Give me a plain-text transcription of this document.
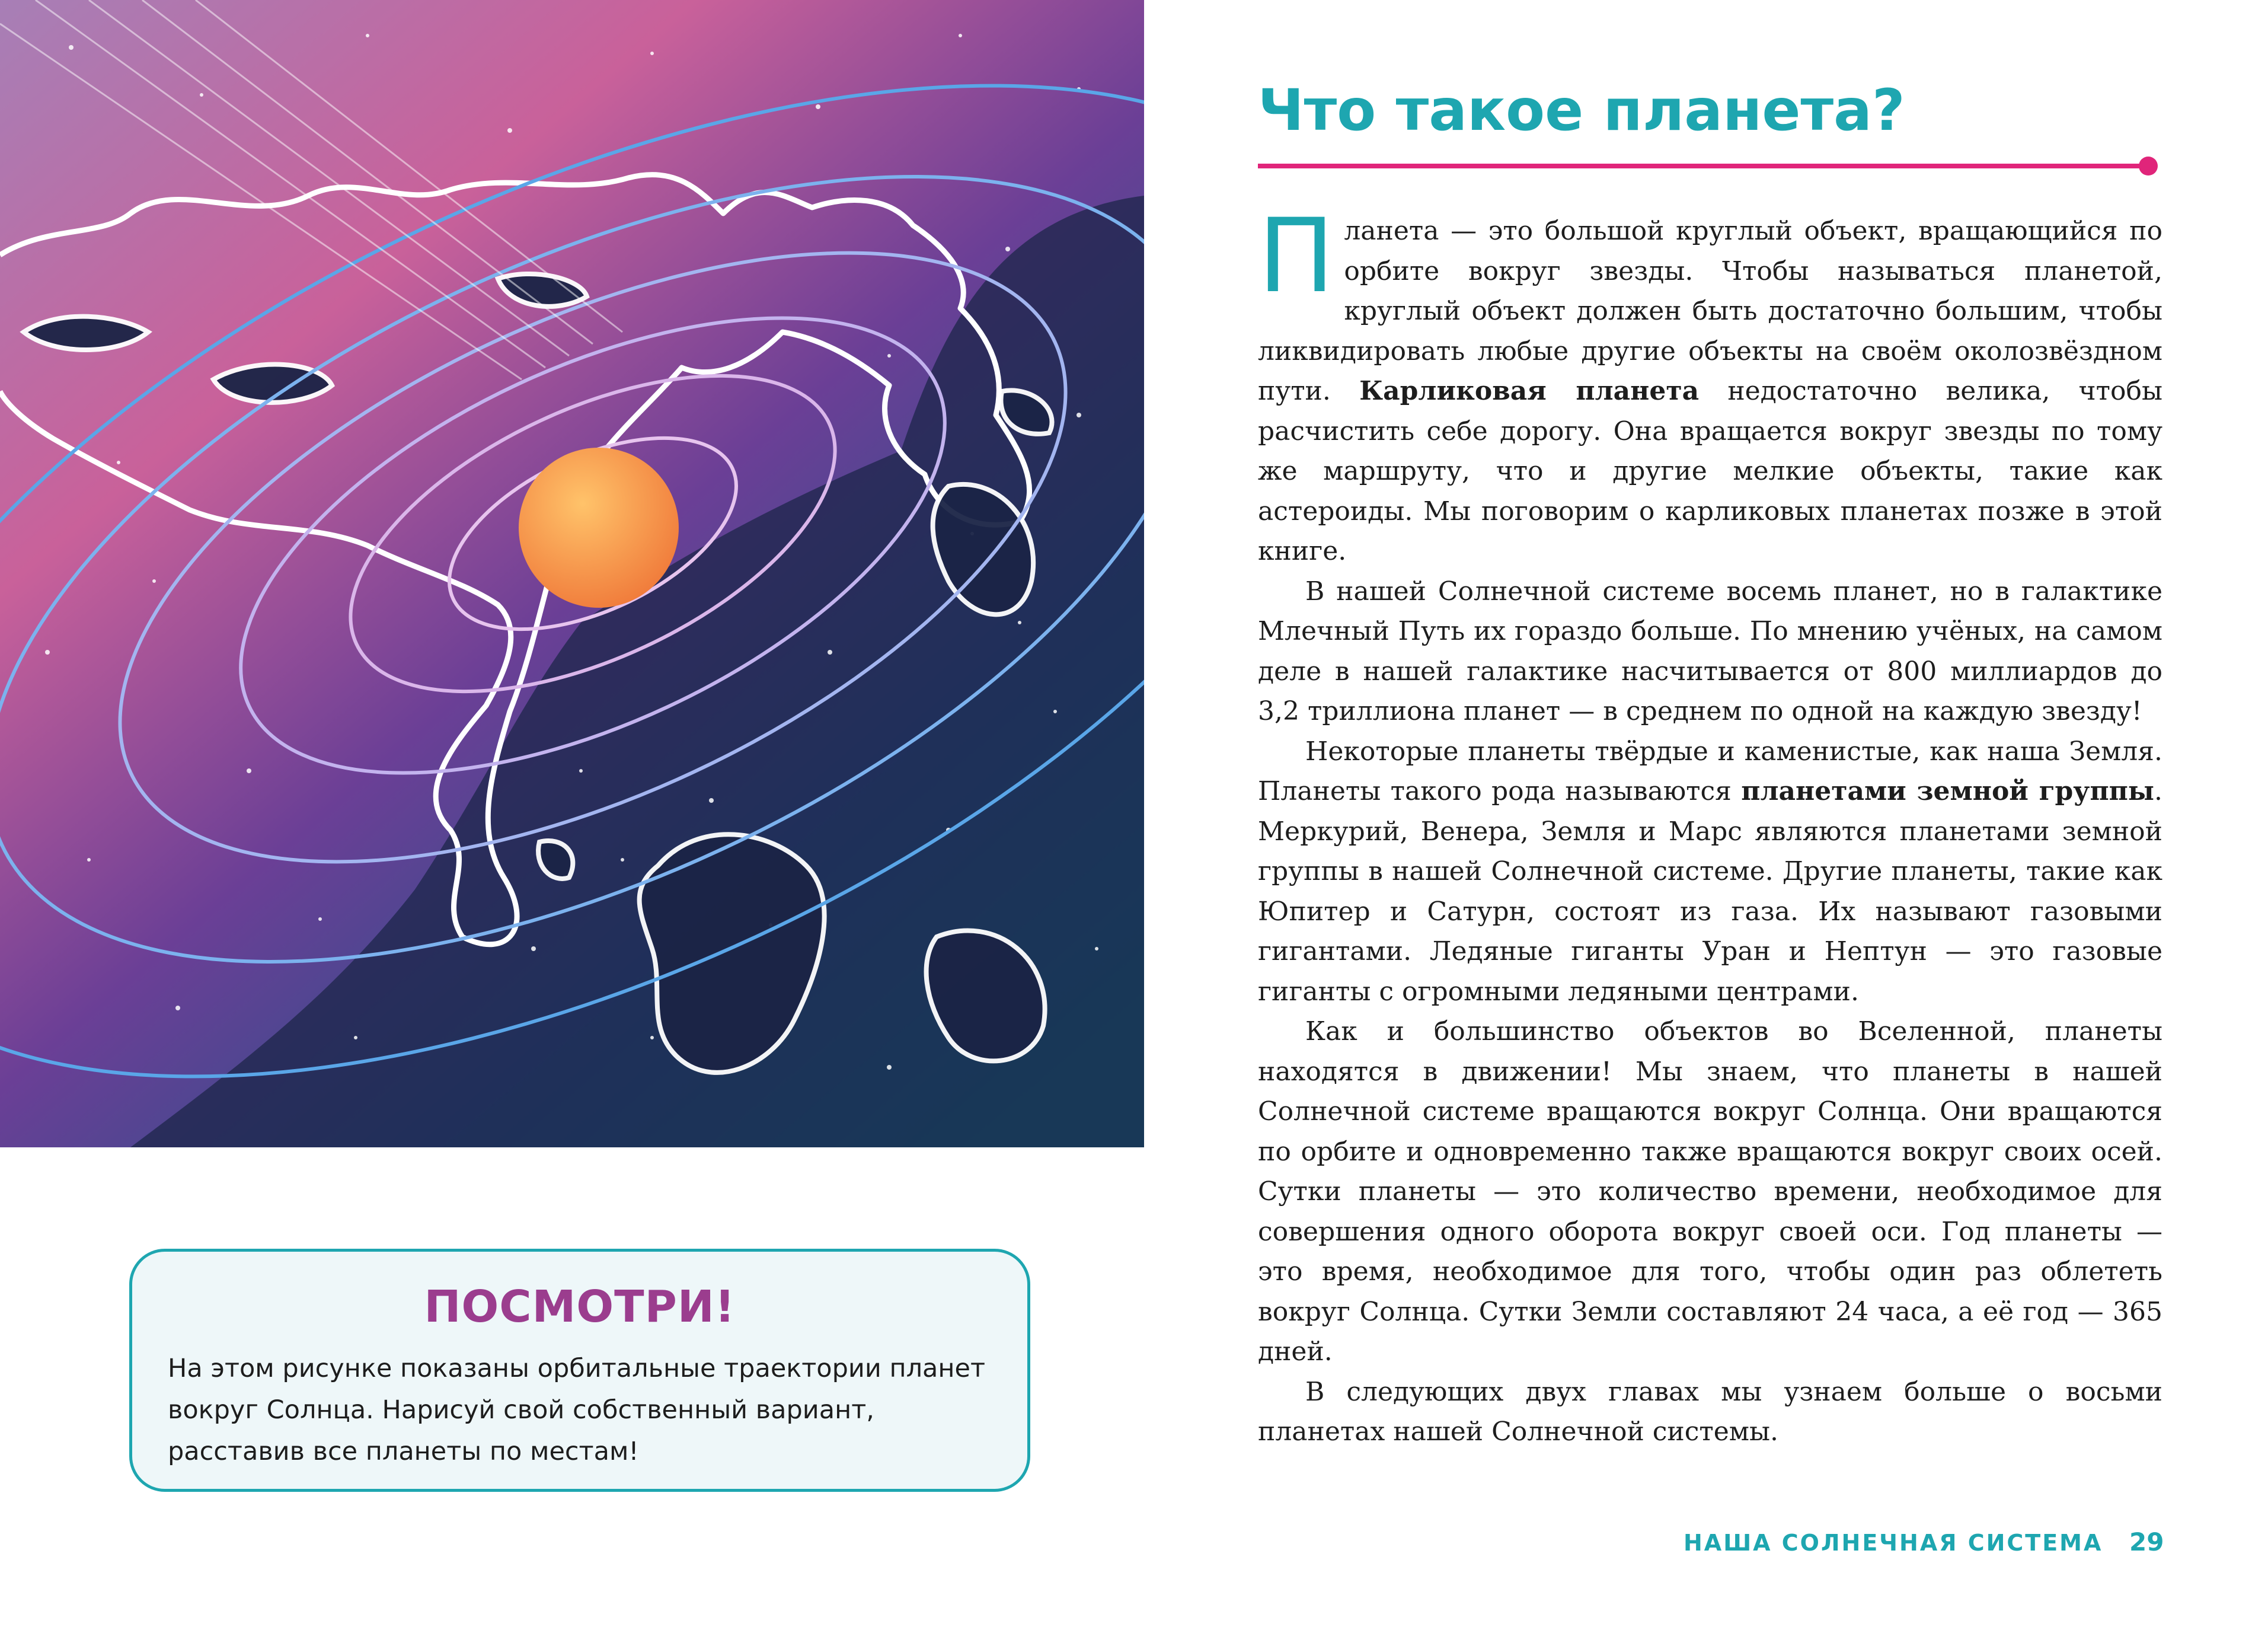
ПОСМОТРИ!

На этом рисунке показаны орбитальные траектории планет вокруг Солнца. Нарисуй свой собственный вариант, расставив все планеты по местам!

Что такое планета?

Планета — это большой круглый объект, вращающийся по орбите вокруг звезды. Чтобы называться планетой, круглый объект должен быть достаточно большим, чтобы ликвидировать любые другие объекты на своём околозвёздном пути. Карликовая планета недостаточно велика, чтобы расчистить себе дорогу. Она вращается вокруг звезды по тому же маршруту, что и другие мелкие объекты, такие как астероиды. Мы поговорим о карликовых планетах позже в этой книге.

В нашей Солнечной системе восемь планет, но в галактике Млечный Путь их гораздо больше. По мнению учёных, на самом деле в нашей галактике насчитывается от 800 миллиардов до 3,2 триллиона планет — в среднем по одной на каждую звезду!

Некоторые планеты твёрдые и каменистые, как наша Земля. Планеты такого рода называются планетами земной группы. Меркурий, Венера, Земля и Марс являются планетами земной группы в нашей Солнечной системе. Другие планеты, такие как Юпитер и Сатурн, состоят из газа. Их называют газовыми гигантами. Ледяные гиганты Уран и Нептун — это газовые гиганты с огромными ледяными центрами.

Как и большинство объектов во Вселенной, планеты находятся в движении! Мы знаем, что планеты в нашей Солнечной системе вращаются вокруг Солнца. Они вращаются по орбите и одновременно также вращаются вокруг своих осей. Сутки планеты — это количество времени, необходимое для совершения одного оборота вокруг своей оси. Год планеты — это время, необходимое для того, чтобы один раз облететь вокруг Солнца. Сутки Земли составляют 24 часа, а её год — 365 дней.

В следующих двух главах мы узнаем больше о восьми планетах нашей Солнечной системы.

НАША СОЛНЕЧНАЯ СИСТЕМА 29
